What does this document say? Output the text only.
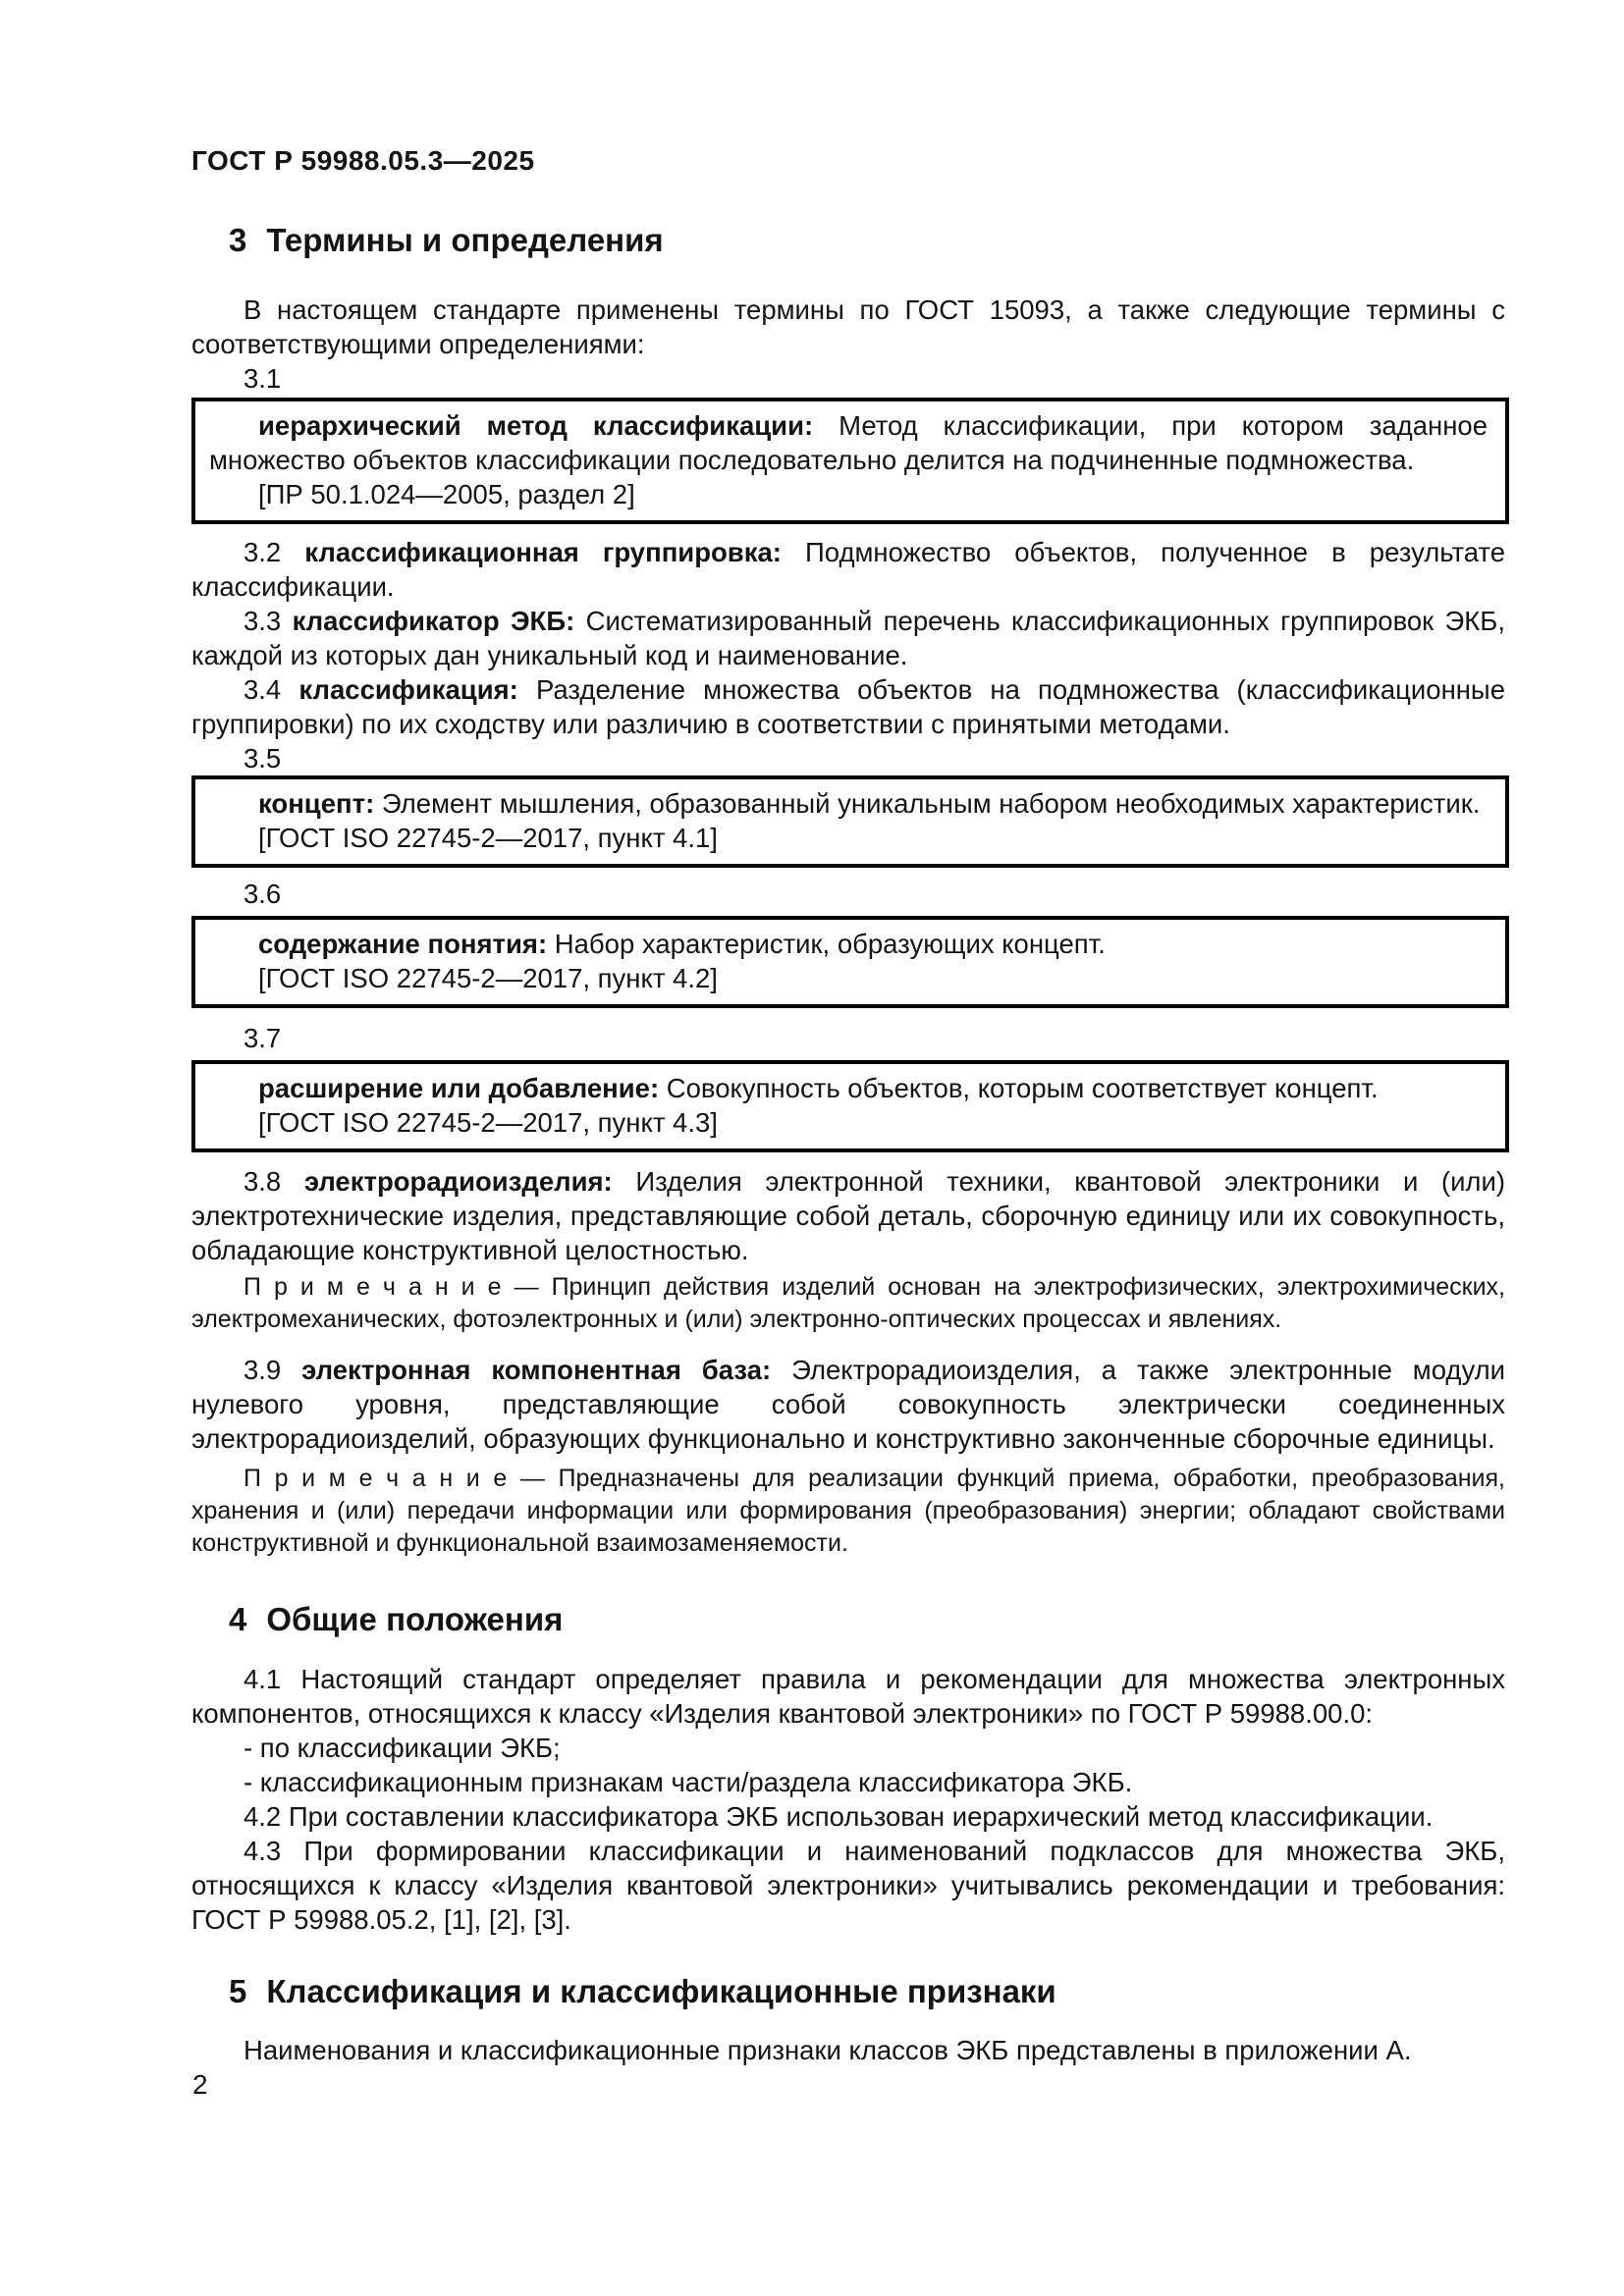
ГОСТ Р 59988.05.3—2025
3 Термины и определения

В настоящем стандарте применены термины по ГОСТ 15093, а также следующие термины с соответствующими определениями:

3.1

иерархический метод классификации: Метод классификации, при котором заданное множество объектов классификации последовательно делится на подчиненные подмножества.

[ПР 50.1.024—2005, раздел 2]

3.2 классификационная группировка: Подмножество объектов, полученное в результате классификации.

3.3 классификатор ЭКБ: Систематизированный перечень классификационных группировок ЭКБ, каждой из которых дан уникальный код и наименование.

3.4 классификация: Разделение множества объектов на подмножества (классификационные группировки) по их сходству или различию в соответствии с принятыми методами.

3.5

концепт: Элемент мышления, образованный уникальным набором необходимых характеристик.

[ГОСТ ISO 22745-2—2017, пункт 4.1]

3.6

содержание понятия: Набор характеристик, образующих концепт.

[ГОСТ ISO 22745-2—2017, пункт 4.2]

3.7

расширение или добавление: Совокупность объектов, которым соответствует концепт.

[ГОСТ ISO 22745-2—2017, пункт 4.3]

3.8 электрорадиоизделия: Изделия электронной техники, квантовой электроники и (или) электротехнические изделия, представляющие собой деталь, сборочную единицу или их совокупность, обладающие конструктивной целостностью.

П р и м е ч а н и е — Принцип действия изделий основан на электрофизических, электрохимических, электромеханических, фотоэлектронных и (или) электронно-оптических процессах и явлениях.

3.9 электронная компонентная база: Электрорадиоизделия, а также электронные модули нулевого уровня, представляющие собой совокупность электрически соединенных электрорадиоизделий, образующих функционально и конструктивно законченные сборочные единицы.

П р и м е ч а н и е — Предназначены для реализации функций приема, обработки, преобразования, хранения и (или) передачи информации или формирования (преобразования) энергии; обладают свойствами конструктивной и функциональной взаимозаменяемости.
4 Общие положения

4.1 Настоящий стандарт определяет правила и рекомендации для множества электронных компонентов, относящихся к классу «Изделия квантовой электроники» по ГОСТ Р 59988.00.0:

- по классификации ЭКБ;

- классификационным признакам части/раздела классификатора ЭКБ.

4.2 При составлении классификатора ЭКБ использован иерархический метод классификации.

4.3 При формировании классификации и наименований подклассов для множества ЭКБ, относящихся к классу «Изделия квантовой электроники» учитывались рекомендации и требования: ГОСТ Р 59988.05.2, [1], [2], [3].

5 Классификация и классификационные признаки

Наименования и классификационные признаки классов ЭКБ представлены в приложении А.

2
